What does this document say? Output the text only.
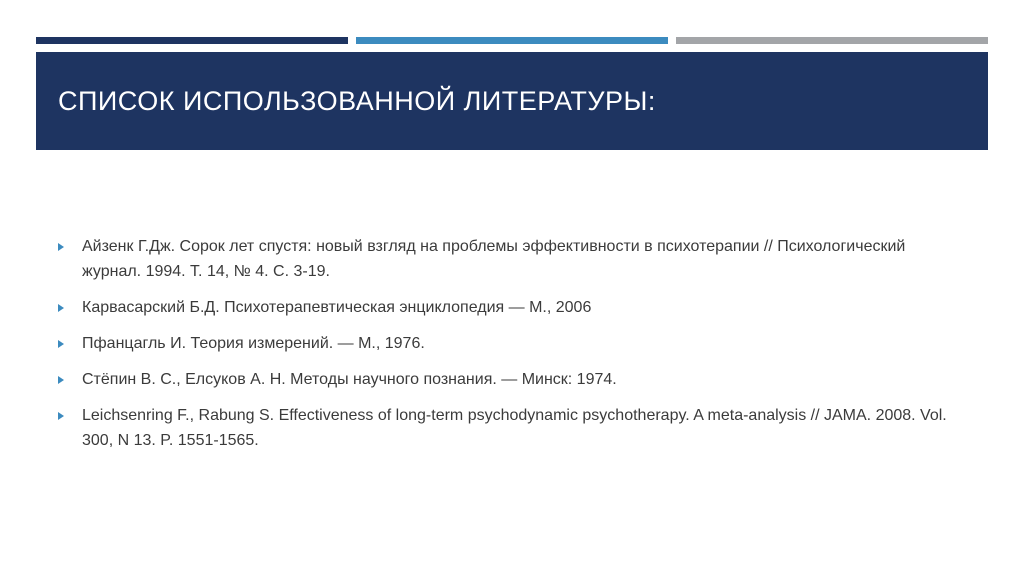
СПИСОК ИСПОЛЬЗОВАННОЙ ЛИТЕРАТУРЫ:
Айзенк Г.Дж. Сорок лет спустя: новый взгляд на проблемы эффективности в психотерапии // Психологический журнал. 1994. Т. 14, № 4. С. 3-19.
Карвасарский Б.Д. Психотерапевтическая энциклопедия — М., 2006
Пфанцагль И. Теория измерений. — М., 1976.
Стёпин В. С., Елсуков А. Н. Методы научного познания. — Минск: 1974.
Leichsenring F., Rabung S. Effectiveness of long-term psychodynamic psychotherapy. A meta-analysis // JAMA. 2008. Vol. 300, N 13. P. 1551-1565.
